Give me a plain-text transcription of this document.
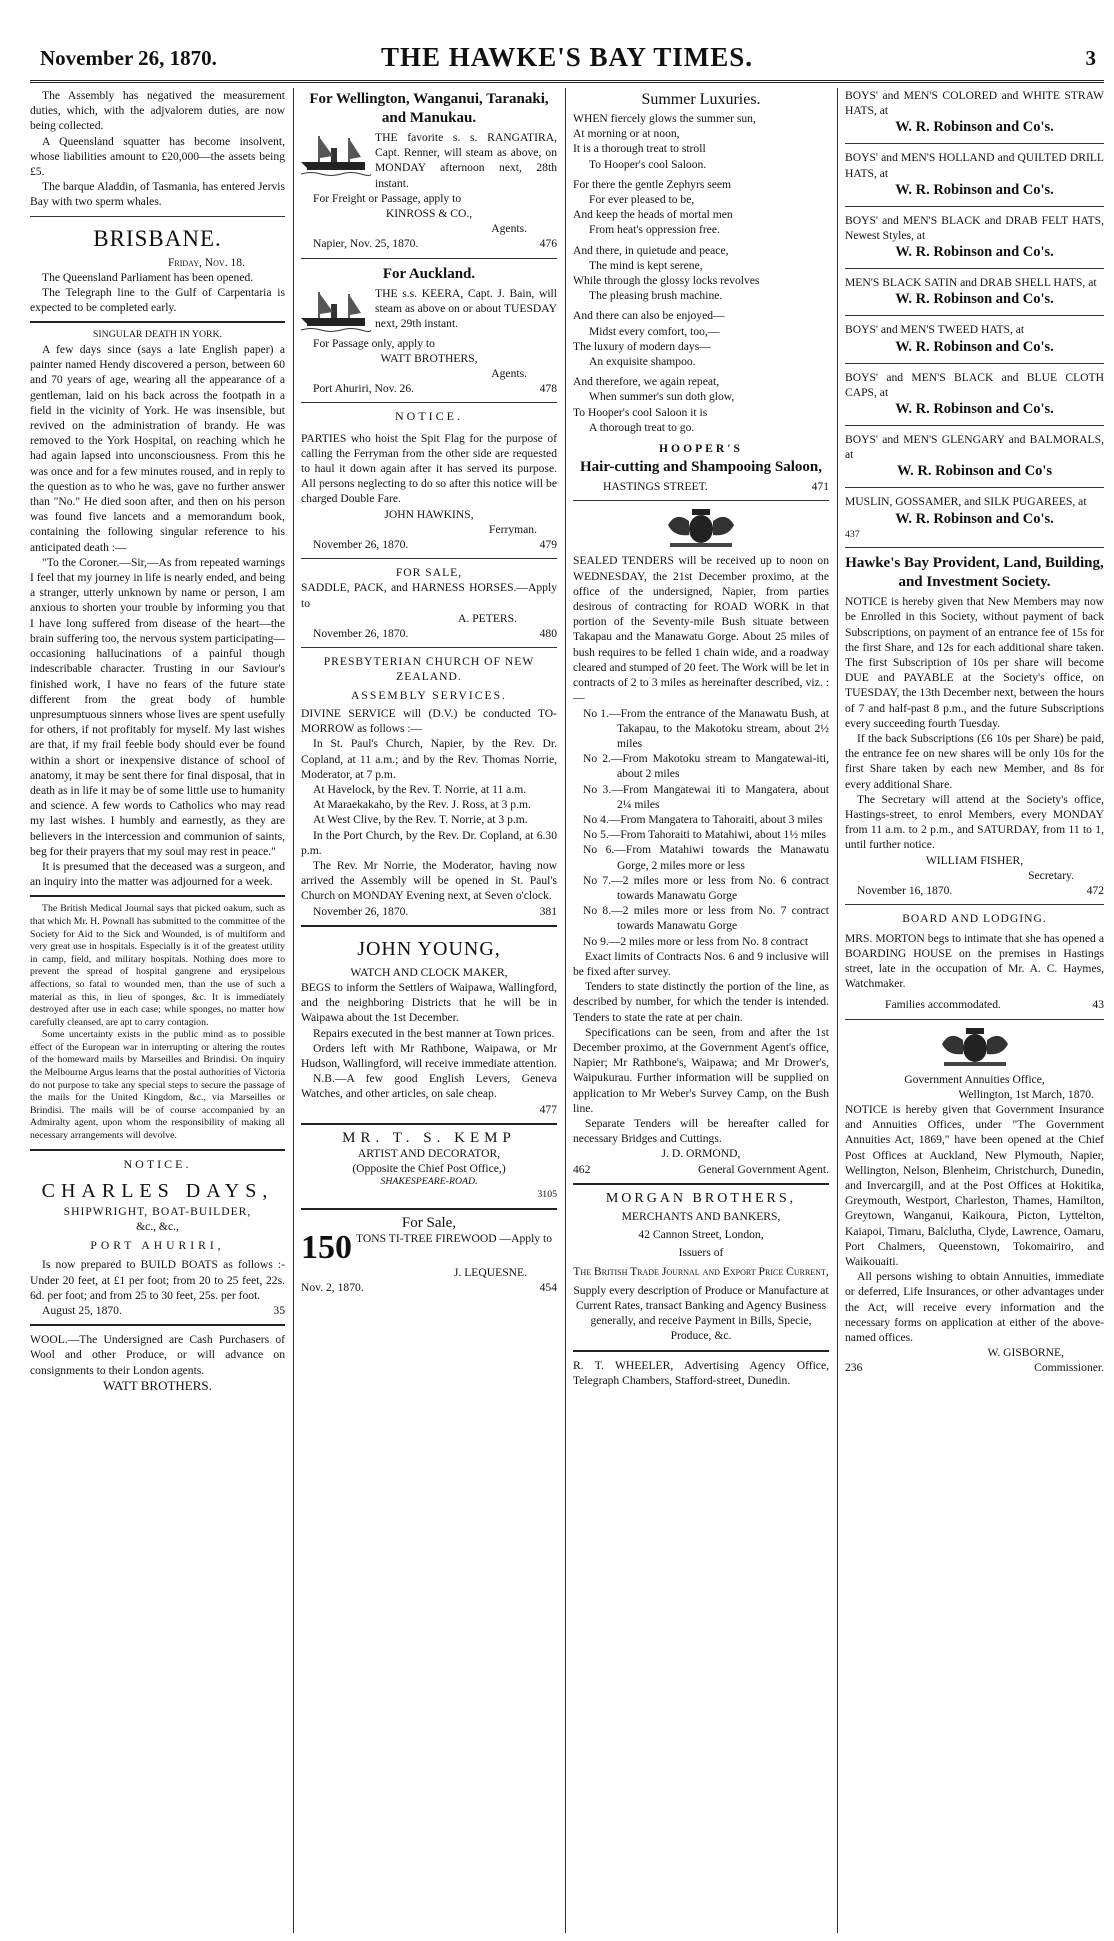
November 26, 1870.	THE HAWKE'S BAY TIMES.	3

The Assembly has negatived the measurement duties, which, with the adjvalorem duties, are now being collected.

A Queensland squatter has become insolvent, whose liabilities amount to £20,000—the assets being £5.

The barque Aladdin, of Tasmania, has entered Jervis Bay with two sperm whales.

BRISBANE.

Friday, Nov. 18.

The Queensland Parliament has been opened.

The Telegraph line to the Gulf of Carpentaria is expected to be completed early.

SINGULAR DEATH IN YORK.

A few days since (says a late English paper) a painter named Hendy discovered a person, between 60 and 70 years of age, wearing all the appearance of a gentleman, laid on his back across the footpath in a field in the vicinity of York. He was insensible, but revived on the administration of brandy. He was removed to the York Hospital, on reaching which he had again lapsed into unconsciousness. From this he was once and for a few minutes roused, and in reply to the question as to who he was, gave no further answer than "No." He died soon after, and then on his person was found five lancets and a memorandum book, containing the following singular reference to his anticipated death :—

"To the Coroner.—Sir,—As from repeated warnings I feel that my journey in life is nearly ended, and being a stranger, utterly unknown by name or person, I am anxious to shorten your trouble by informing you that I have long suffered from disease of the heart—the brain suffering too, the nervous system participating—occasioning hallucinations of a painful though indescribable character. Trusting in our Saviour's finished work, I have no fears of the future state different from the great body of humble unpresumptuous sinners whose lives are spent usefully for others, if not profitably for myself. My last wishes are that, if my frail feeble body should ever be found within a short or inexpensive distance of school of anatomy, it may be sent there for final disposal, that in death as in life it may be of some little use to humanity and science. A few words to Catholics who may read my last wishes. I humbly and earnestly, as they are believers in the intercession and communion of saints, beg for their prayers that my soul may rest in peace."

It is presumed that the deceased was a surgeon, and an inquiry into the matter was adjourned for a week.

The British Medical Journal says that picked oakum, such as that which Mr. H. Pownall has submitted to the committee of the Society for Aid to the Sick and Wounded, is of multiform and very great use in hospitals. Especially is it of the greatest utility in camp, field, and military hospitals. Nothing does more to prevent the spread of hospital gangrene and erysipelous affections, so fatal to wounded men, than the use of such a material as this, in lieu of sponges, &c. It is immediately destroyed after use in each case; while sponges, no matter how carefully cleansed, are apt to carry contagion.

Some uncertainty exists in the public mind as to possible effect of the European war in interrupting or altering the routes of the homeward mails by Marseilles and Brindisi. On inquiry the Melbourne Argus learns that the postal authorities of Victoria do not purpose to take any special steps to secure the passage of the mails for the United Kingdom, &c., via Marseilles or Brindisi. The mails will be of course accompanied by an Admiralty agent, upon whom the responsibility of making all necessary arrangements will devolve.

NOTICE.
CHARLES DAYS,

SHIPWRIGHT, BOAT-BUILDER,

&c., &c.,

PORT AHURIRI,

Is now prepared to BUILD BOATS as follows :- Under 20 feet, at £1 per foot; from 20 to 25 feet, 22s. 6d. per foot; and from 25 to 30 feet, 25s. per foot.

August 25, 1870.	35

WOOL.—The Undersigned are Cash Purchasers of Wool and other Produce, or will advance on consignments to their London agents.

WATT BROTHERS.

For Wellington, Wanganui, Taranaki, and Manukau.

THE favorite s. s. RANGATIRA, Capt. Renner, will steam as above, on MONDAY afternoon next, 28th instant.

For Freight or Passage, apply to

KINROSS & CO.,

Agents.

Napier, Nov. 25, 1870.	476
For Auckland.

THE s.s. KEERA, Capt. J. Bain, will steam as above on or about TUESDAY next, 29th instant.

For Passage only, apply to

WATT BROTHERS,

Agents.

Port Ahuriri, Nov. 26.	478
NOTICE.

PARTIES who hoist the Spit Flag for the purpose of calling the Ferryman from the other side are requested to haul it down again after it has served its purpose. All persons neglecting to do so after this notice will be charged Double Fare.

JOHN HAWKINS,

Ferryman.

November 26, 1870.	479

FOR SALE,

SADDLE, PACK, and HARNESS HORSES.—Apply to

A. PETERS.

November 26, 1870.	480

PRESBYTERIAN CHURCH OF NEW ZEALAND.

ASSEMBLY SERVICES.

DIVINE SERVICE will (D.V.) be conducted TO-MORROW as follows :—

In St. Paul's Church, Napier, by the Rev. Dr. Copland, at 11 a.m.; and by the Rev. Thomas Norrie, Moderator, at 7 p.m.

At Havelock, by the Rev. T. Norrie, at 11 a.m.

At Maraekakaho, by the Rev. J. Ross, at 3 p.m.

At West Clive, by the Rev. T. Norrie, at 3 p.m.

In the Port Church, by the Rev. Dr. Copland, at 6.30 p.m.

The Rev. Mr Norrie, the Moderator, having now arrived the Assembly will be opened in St. Paul's Church on MONDAY Evening next, at Seven o'clock.

November 26, 1870.	381
JOHN YOUNG,

WATCH AND CLOCK MAKER,

BEGS to inform the Settlers of Waipawa, Wallingford, and the neighboring Districts that he will be in Waipawa about the 1st December.

Repairs executed in the best manner at Town prices.

Orders left with Mr Rathbone, Waipawa, or Mr Hudson, Wallingford, will receive immediate attention.

N.B.—A few good English Levers, Geneva Watches, and other articles, on sale cheap.

477

MR. T. S. KEMP

ARTIST AND DECORATOR,

(Opposite the Chief Post Office,)

SHAKESPEARE-ROAD.

3105

For Sale,

150 TONS TI-TREE FIREWOOD —Apply to

J. LEQUESNE.

Nov. 2, 1870.	454
Summer Luxuries.

WHEN fiercely glows the summer sun,

At morning or at noon,

It is a thorough treat to stroll

To Hooper's cool Saloon.

For there the gentle Zephyrs seem

For ever pleased to be,

And keep the heads of mortal men

From heat's oppression free.

And there, in quietude and peace,

The mind is kept serene,

While through the glossy locks revolves

The pleasing brush machine.

And there can also be enjoyed—

Midst every comfort, too,—

The luxury of modern days—

An exquisite shampoo.

And therefore, we again repeat,

When summer's sun doth glow,

To Hooper's cool Saloon it is

A thorough treat to go.

HOOPER'S

Hair-cutting and Shampooing Saloon,
HASTINGS STREET.	471

SEALED TENDERS will be received up to noon on WEDNESDAY, the 21st December proximo, at the office of the undersigned, Napier, from parties desirous of contracting for ROAD WORK in that portion of the Seventy-mile Bush situate between Takapau and the Manawatu Gorge. About 25 miles of bush requires to be felled 1 chain wide, and a roadway cleared and stumped of 20 feet. The Work will be let in contracts of 2 to 3 miles as hereinafter described, viz. :—

No 1.—From the entrance of the Manawatu Bush, at Takapau, to the Makotoku stream, about 2½ miles

No 2.—From Makotoku stream to Mangatewai-iti, about 2 miles

No 3.—From Mangatewai iti to Mangatera, about 2¼ miles

No 4.—From Mangatera to Tahoraiti, about 3 miles

No 5.—From Tahoraiti to Matahiwi, about 1½ miles

No 6.—From Matahiwi towards the Manawatu Gorge, 2 miles more or less

No 7.—2 miles more or less from No. 6 contract towards Manawatu Gorge

No 8.—2 miles more or less from No. 7 contract towards Manawatu Gorge

No 9.—2 miles more or less from No. 8 contract

Exact limits of Contracts Nos. 6 and 9 inclusive will be fixed after survey.

Tenders to state distinctly the portion of the line, as described by number, for which the tender is intended. Tenders to state the rate at per chain.

Specifications can be seen, from and after the 1st December proximo, at the Government Agent's office, Napier; Mr Rathbone's, Waipawa; and Mr Drower's, Waipukurau. Further information will be supplied on application to Mr Weber's Survey Camp, on the Bush line.

Separate Tenders will be hereafter called for necessary Bridges and Cuttings.

J. D. ORMOND,

462	General Government Agent.

MORGAN BROTHERS,

MERCHANTS AND BANKERS,

42 Cannon Street, London,

Issuers of

The British Trade Journal and Export Price Current,

Supply every description of Produce or Manufacture at Current Rates, transact Banking and Agency Business generally, and receive Payment in Bills, Specie, Produce, &c.

R. T. WHEELER, Advertising Agency Office, Telegraph Chambers, Stafford-street, Dunedin.

BOYS' and MEN'S COLORED and WHITE STRAW HATS, at

W. R. Robinson and Co's.

BOYS' and MEN'S HOLLAND and QUILTED DRILL HATS, at

W. R. Robinson and Co's.

BOYS' and MEN'S BLACK and DRAB FELT HATS, Newest Styles, at

W. R. Robinson and Co's.

MEN'S BLACK SATIN and DRAB SHELL HATS, at

W. R. Robinson and Co's.

BOYS' and MEN'S TWEED HATS, at

W. R. Robinson and Co's.

BOYS' and MEN'S BLACK and BLUE CLOTH CAPS, at

W. R. Robinson and Co's.

BOYS' and MEN'S GLENGARY and BALMORALS, at

W. R. Robinson and Co's

MUSLIN, GOSSAMER, and SILK PUGAREES, at

W. R. Robinson and Co's.

437

Hawke's Bay Provident, Land, Building, and Investment Society.

NOTICE is hereby given that New Members may now be Enrolled in this Society, without payment of back Subscriptions, on payment of an entrance fee of 15s for the first Share, and 12s for each additional share taken. The first Subscription of 10s per share will become DUE and PAYABLE at the Society's office, on TUESDAY, the 13th December next, between the hours of 7 and half-past 8 p.m., and the future Subscriptions every succeeding fourth Tuesday.

If the back Subscriptions (£6 10s per Share) be paid, the entrance fee on new shares will be only 10s for the first Share taken by each new Member, and 8s for every additional Share.

The Secretary will attend at the Society's office, Hastings-street, to enrol Members, every MONDAY from 11 a.m. to 2 p.m., and SATURDAY, from 11 to 1, until further notice.

WILLIAM FISHER,

Secretary.

November 16, 1870.	472

BOARD AND LODGING.

MRS. MORTON begs to intimate that she has opened a BOARDING HOUSE on the premises in Hastings street, late in the occupation of Mr. A. C. Haymes, Watchmaker.

Families accommodated.	43

Government Annuities Office,

Wellington, 1st March, 1870.

NOTICE is hereby given that Government Insurance and Annuities Offices, under "The Government Annuities Act, 1869," have been opened at the Chief Post Offices at Auckland, New Plymouth, Napier, Wellington, Nelson, Blenheim, Christchurch, Dunedin, and Invercargill, and at the Post Offices at Hokitika, Greymouth, Westport, Charleston, Thames, Hamilton, Greytown, Wanganui, Kaikoura, Picton, Lyttelton, Kaiapoi, Timaru, Balclutha, Clyde, Lawrence, Oamaru, Port Chalmers, Queenstown, Tokomairiro, and Waikouaiti.

All persons wishing to obtain Annuities, immediate or deferred, Life Insurances, or other advantages under the Act, will receive every information and the necessary forms on application at either of the above-named offices.

W. GISBORNE,

236	Commissioner.
